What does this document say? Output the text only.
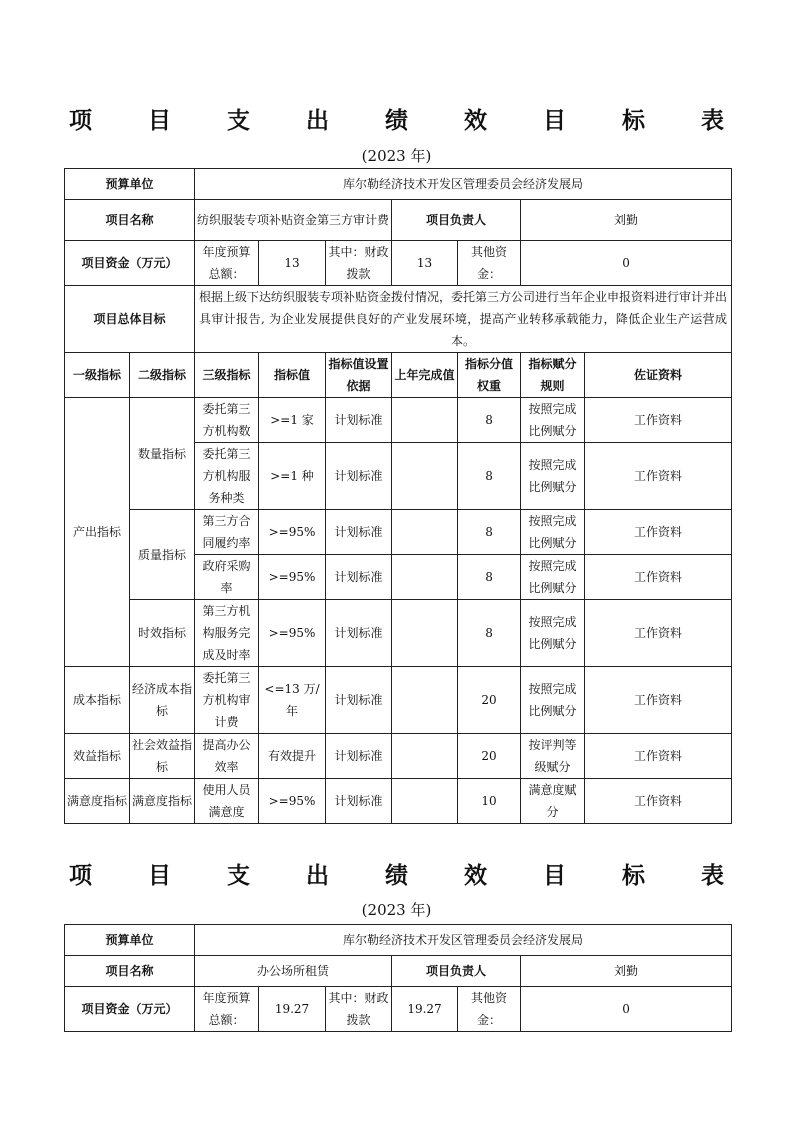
项 目 支 出 绩 效 目 标 表
(2023 年)
预算单位		库尔勒经济技术开发区管理委员会经济发展局						
项目名称		纺织服装专项补贴资金第三方审计费			项目负责人		刘勤	
项目资金（万元）		年度预算总额：	13	其中：财政拨款	13	其他资金：	0	
项目总体目标		根据上级下达纺织服装专项补贴资金拨付情况，委托第三方公司进行当年企业申报资料进行审计并出具审计报告, 为企业发展提供良好的产业发展环境，提高产业转移承载能力，降低企业生产运营成本。						
一级指标	二级指标	三级指标	指标值	指标值设置依据	上年完成值	指标分值权重	指标赋分规则	佐证资料
产出指标	数量指标	委托第三方机构数	>=1 家	计划标准		8	按照完成比例赋分	工作资料
		委托第三方机构服务种类	>=1 种	计划标准		8	按照完成比例赋分	工作资料
	质量指标	第三方合同履约率	>=95%	计划标准		8	按照完成比例赋分	工作资料
		政府采购率	>=95%	计划标准		8	按照完成比例赋分	工作资料
	时效指标	第三方机构服务完成及时率	>=95%	计划标准		8	按照完成比例赋分	工作资料
成本指标	经济成本指标	委托第三方机构审计费	<=13 万/年	计划标准		20	按照完成比例赋分	工作资料
效益指标	社会效益指标	提高办公效率	有效提升	计划标准		20	按评判等级赋分	工作资料
满意度指标	满意度指标	使用人员满意度	>=95%	计划标准		10	满意度赋分	工作资料
项 目 支 出 绩 效 目 标 表
(2023 年)
预算单位	库尔勒经济技术开发区管理委员会经济发展局					
项目名称	办公场所租赁			项目负责人		刘勤
项目资金（万元）	年度预算总额：	19.27	其中：财政拨款	19.27	其他资金：	0
